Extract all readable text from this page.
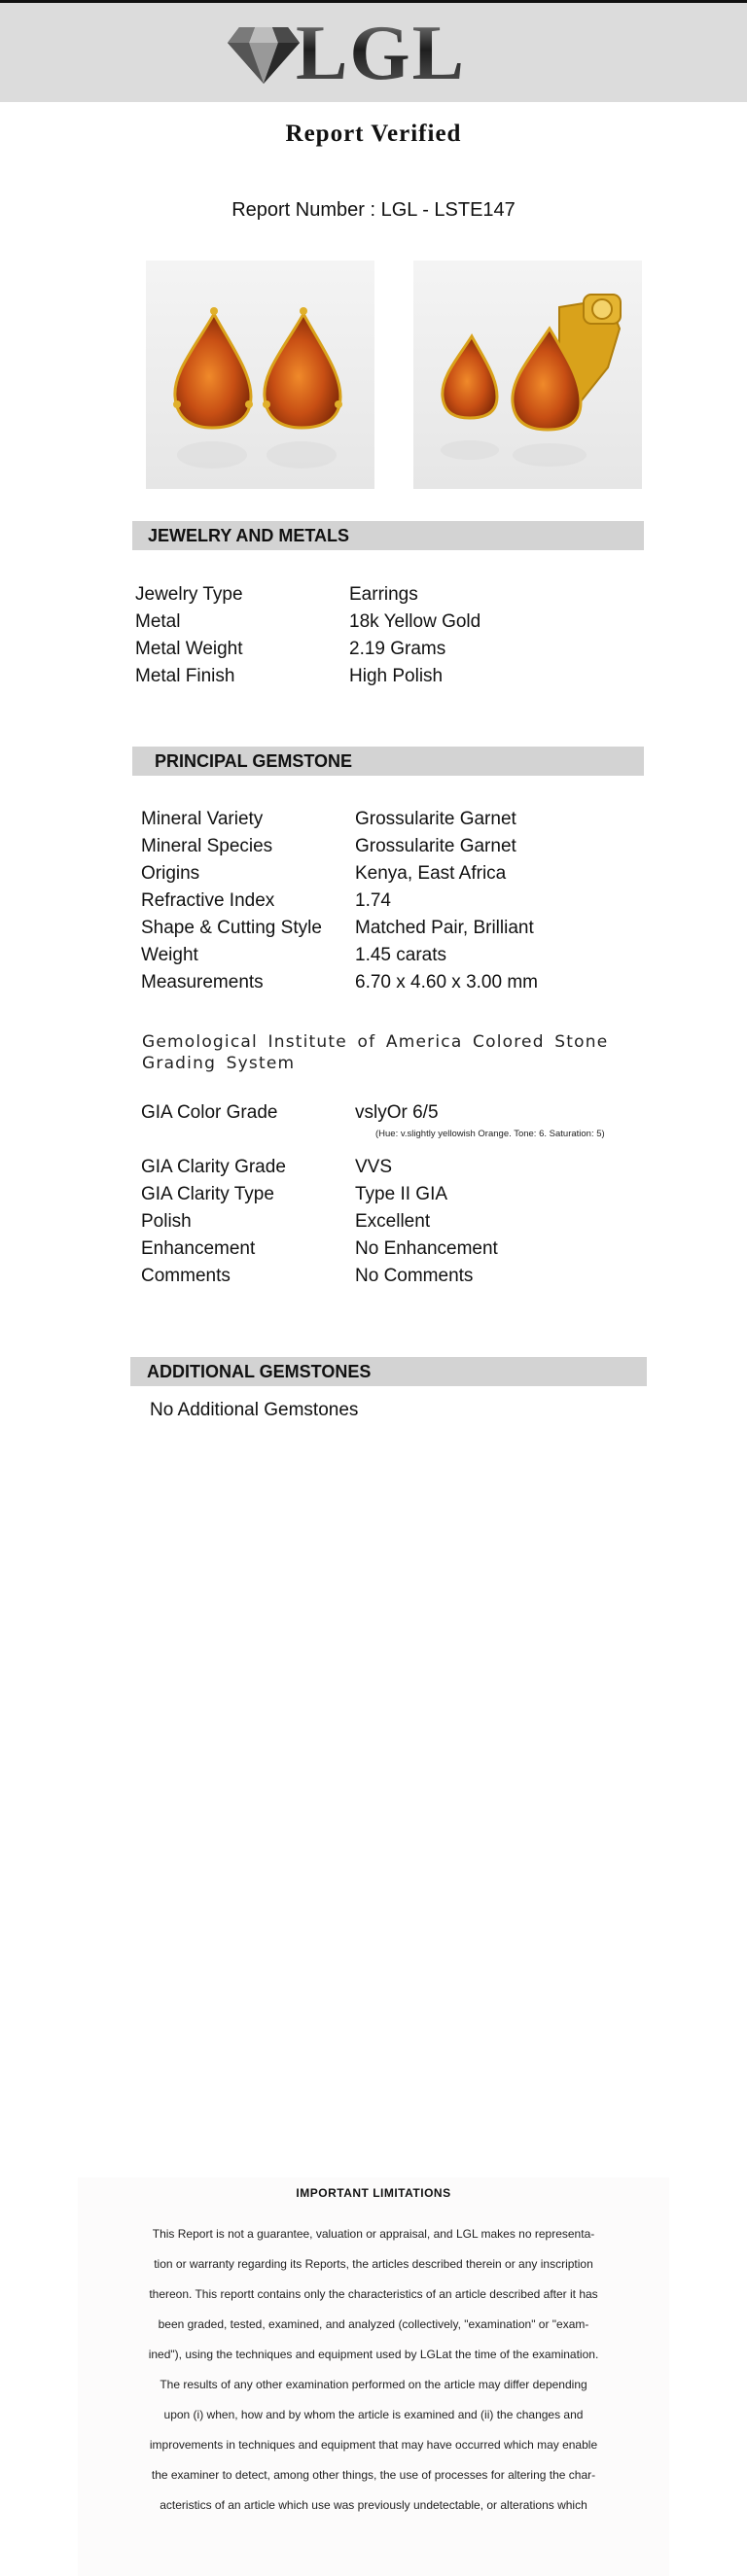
LGL
Report Verified
Report Number : LGL - LSTE147
JEWELRY AND METALS
Jewelry Type	Earrings
Metal	18k Yellow Gold
Metal Weight	2.19 Grams
Metal Finish	High Polish
PRINCIPAL GEMSTONE
Mineral Variety	Grossularite Garnet
Mineral Species	Grossularite Garnet
Origins	Kenya, East Africa
Refractive Index	1.74
Shape & Cutting Style	Matched Pair, Brilliant
Weight	1.45 carats
Measurements	6.70 x 4.60 x 3.00 mm
Gemological Institute of America Colored Stone Grading System
GIA Color Grade	vslyOr 6/5
(Hue: v.slightly yellowish Orange. Tone: 6. Saturation: 5)
GIA Clarity Grade	VVS
GIA Clarity Type	Type II GIA
Polish	Excellent
Enhancement	No Enhancement
Comments	No Comments
ADDITIONAL GEMSTONES
No Additional Gemstones
IMPORTANT LIMITATIONS
This Report is not a guarantee, valuation or appraisal, and LGL makes no representa-
tion or warranty regarding its Reports, the articles described therein or any inscription
thereon. This reportt contains only the characteristics of an article described after it has
been graded, tested, examined, and analyzed (collectively, "examination" or "exam-
ined"), using the techniques and equipment used by LGLat the time of the examination.
The results of any other examination performed on the article may differ depending
upon (i) when, how and by whom the article is examined and (ii) the changes and
improvements in techniques and equipment that may have occurred which may enable
the examiner to detect, among other things, the use of processes for altering the char-
acteristics of an article which use was previously undetectable, or alterations which
